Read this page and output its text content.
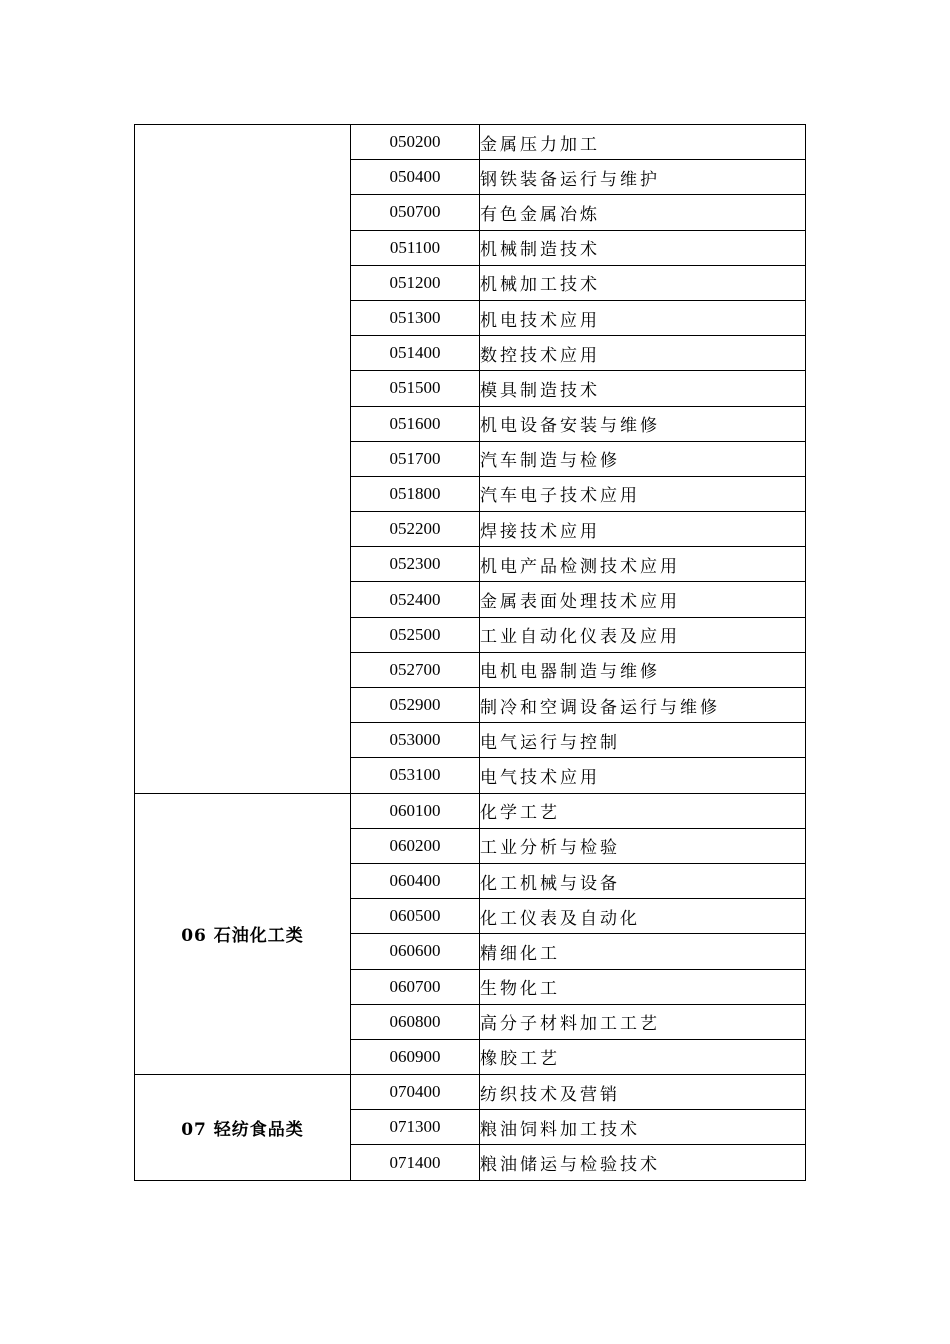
	050200	金属压力加工
	050400	钢铁装备运行与维护
	050700	有色金属冶炼
	051100	机械制造技术
	051200	机械加工技术
	051300	机电技术应用
	051400	数控技术应用
	051500	模具制造技术
	051600	机电设备安装与维修
	051700	汽车制造与检修
	051800	汽车电子技术应用
	052200	焊接技术应用
	052300	机电产品检测技术应用
	052400	金属表面处理技术应用
	052500	工业自动化仪表及应用
	052700	电机电器制造与维修
	052900	制冷和空调设备运行与维修
	053000	电气运行与控制
	053100	电气技术应用
06 石油化工类	060100	化学工艺
	060200	工业分析与检验
	060400	化工机械与设备
	060500	化工仪表及自动化
	060600	精细化工
	060700	生物化工
	060800	高分子材料加工工艺
	060900	橡胶工艺
07 轻纺食品类	070400	纺织技术及营销
	071300	粮油饲料加工技术
	071400	粮油储运与检验技术
